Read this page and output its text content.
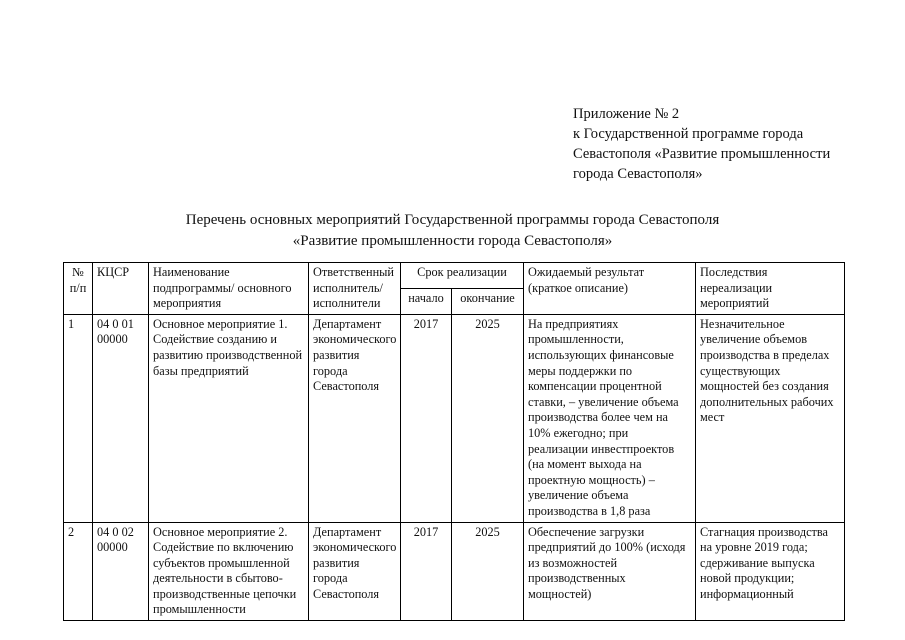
Приложение № 2
к Государственной программе города
Севастополя «Развитие промышленности
города Севастополя»
Перечень основных мероприятий Государственной программы города Севастополя
«Развитие промышленности города Севастополя»
№ п/п	КЦСР	Наименование подпрограммы/ основного мероприятия	Ответственный исполнитель/ исполнители	Срок реализации		Ожидаемый результат (краткое описание)	Последствия нереализации мероприятий
				начало	окончание		
1	04 0 01 00000	Основное мероприятие 1. Содействие созданию и развитию производственной базы предприятий	Департамент экономического развития города Севастополя	2017	2025	На предприятиях промышленности, использующих финансовые меры поддержки по компенсации процентной ставки, – увеличение объема производства более чем на 10% ежегодно; при реализации инвестпроектов (на момент выхода на проектную мощность) – увеличение объема производства в 1,8 раза	Незначительное увеличение объемов производства в пределах существующих мощностей без создания дополнительных рабочих мест
2	04 0 02 00000	Основное мероприятие 2. Содействие по включению субъектов промышленной деятельности в сбытово-производственные цепочки промышленности	Департамент экономического развития города Севастополя	2017	2025	Обеспечение загрузки предприятий до 100% (исходя из возможностей производственных мощностей)	Стагнация производства на уровне 2019 года; сдерживание выпуска новой продукции; информационный
